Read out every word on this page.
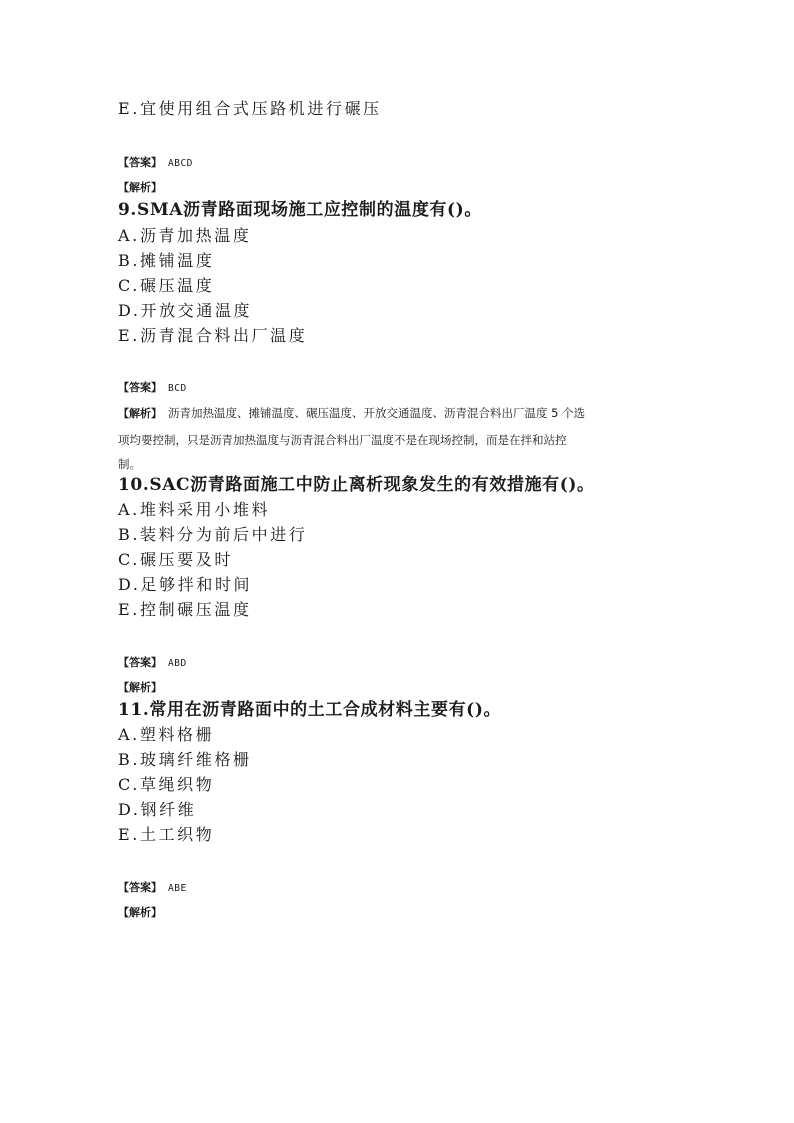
E.宜使用组合式压路机进行碾压
【答案】 ABCD
【解析】
9.SMA沥青路面现场施工应控制的温度有()。
A.沥青加热温度
B.摊铺温度
C.碾压温度
D.开放交通温度
E.沥青混合料出厂温度
【答案】 BCD
【解析】 沥青加热温度、摊铺温度、碾压温度、开放交通温度、沥青混合料出厂温度 5 个选
项均要控制，只是沥青加热温度与沥青混合料出厂温度不是在现场控制，而是在拌和站控
制。
10.SAC沥青路面施工中防止离析现象发生的有效措施有()。
A.堆料采用小堆料
B.装料分为前后中进行
C.碾压要及时
D.足够拌和时间
E.控制碾压温度
【答案】 ABD
【解析】
11.常用在沥青路面中的土工合成材料主要有()。
A.塑料格栅
B.玻璃纤维格栅
C.草绳织物
D.钢纤维
E.土工织物
【答案】 ABE
【解析】
